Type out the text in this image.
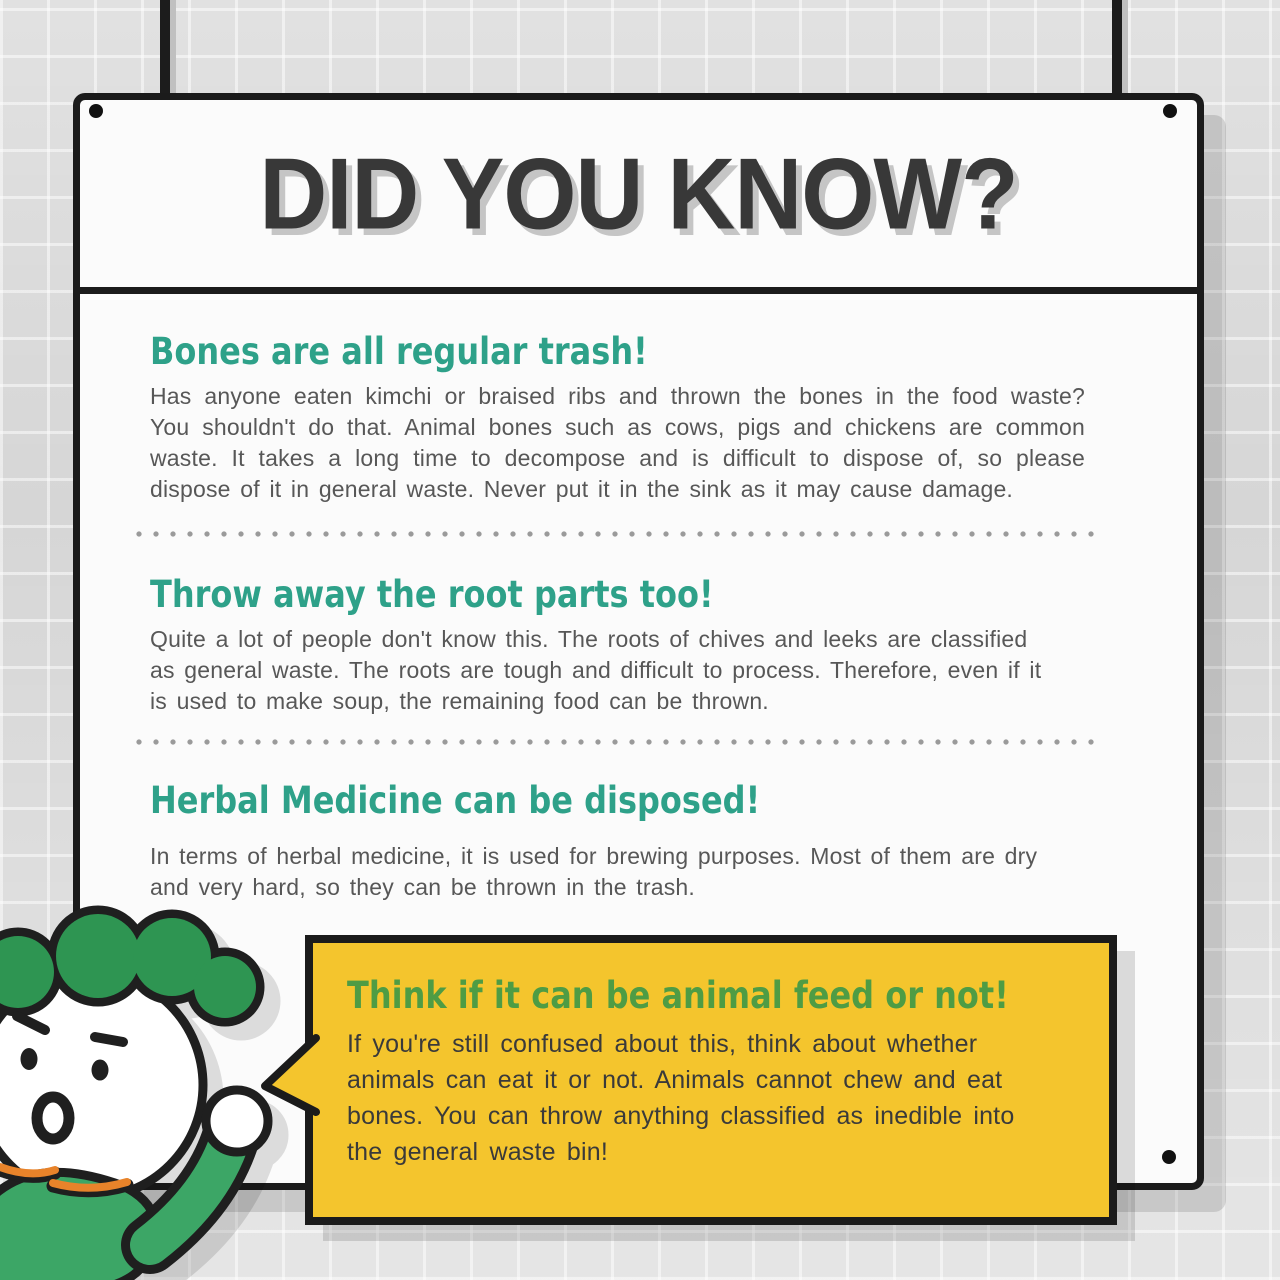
DID YOU KNOW?
Bones are all regular trash!

Has anyone eaten kimchi or braised ribs and thrown the bones in the food waste? You shouldn't do that. Animal bones such as cows, pigs and chickens are common waste. It takes a long time to decompose and is difficult to dispose of, so please dispose of it in general waste. Never put it in the sink as it may cause damage.

Throw away the root parts too!

Quite a lot of people don't know this. The roots of chives and leeks are classified as general waste. The roots are tough and difficult to process. Therefore, even if it is used to make soup, the remaining food can be thrown.

Herbal Medicine can be disposed!

In terms of herbal medicine, it is used for brewing purposes. Most of them are dry and very hard, so they can be thrown in the trash.

Think if it can be animal feed or not!

If you're still confused about this, think about whether animals can eat it or not. Animals cannot chew and eat bones. You can throw anything classified as inedible into the general waste bin!
